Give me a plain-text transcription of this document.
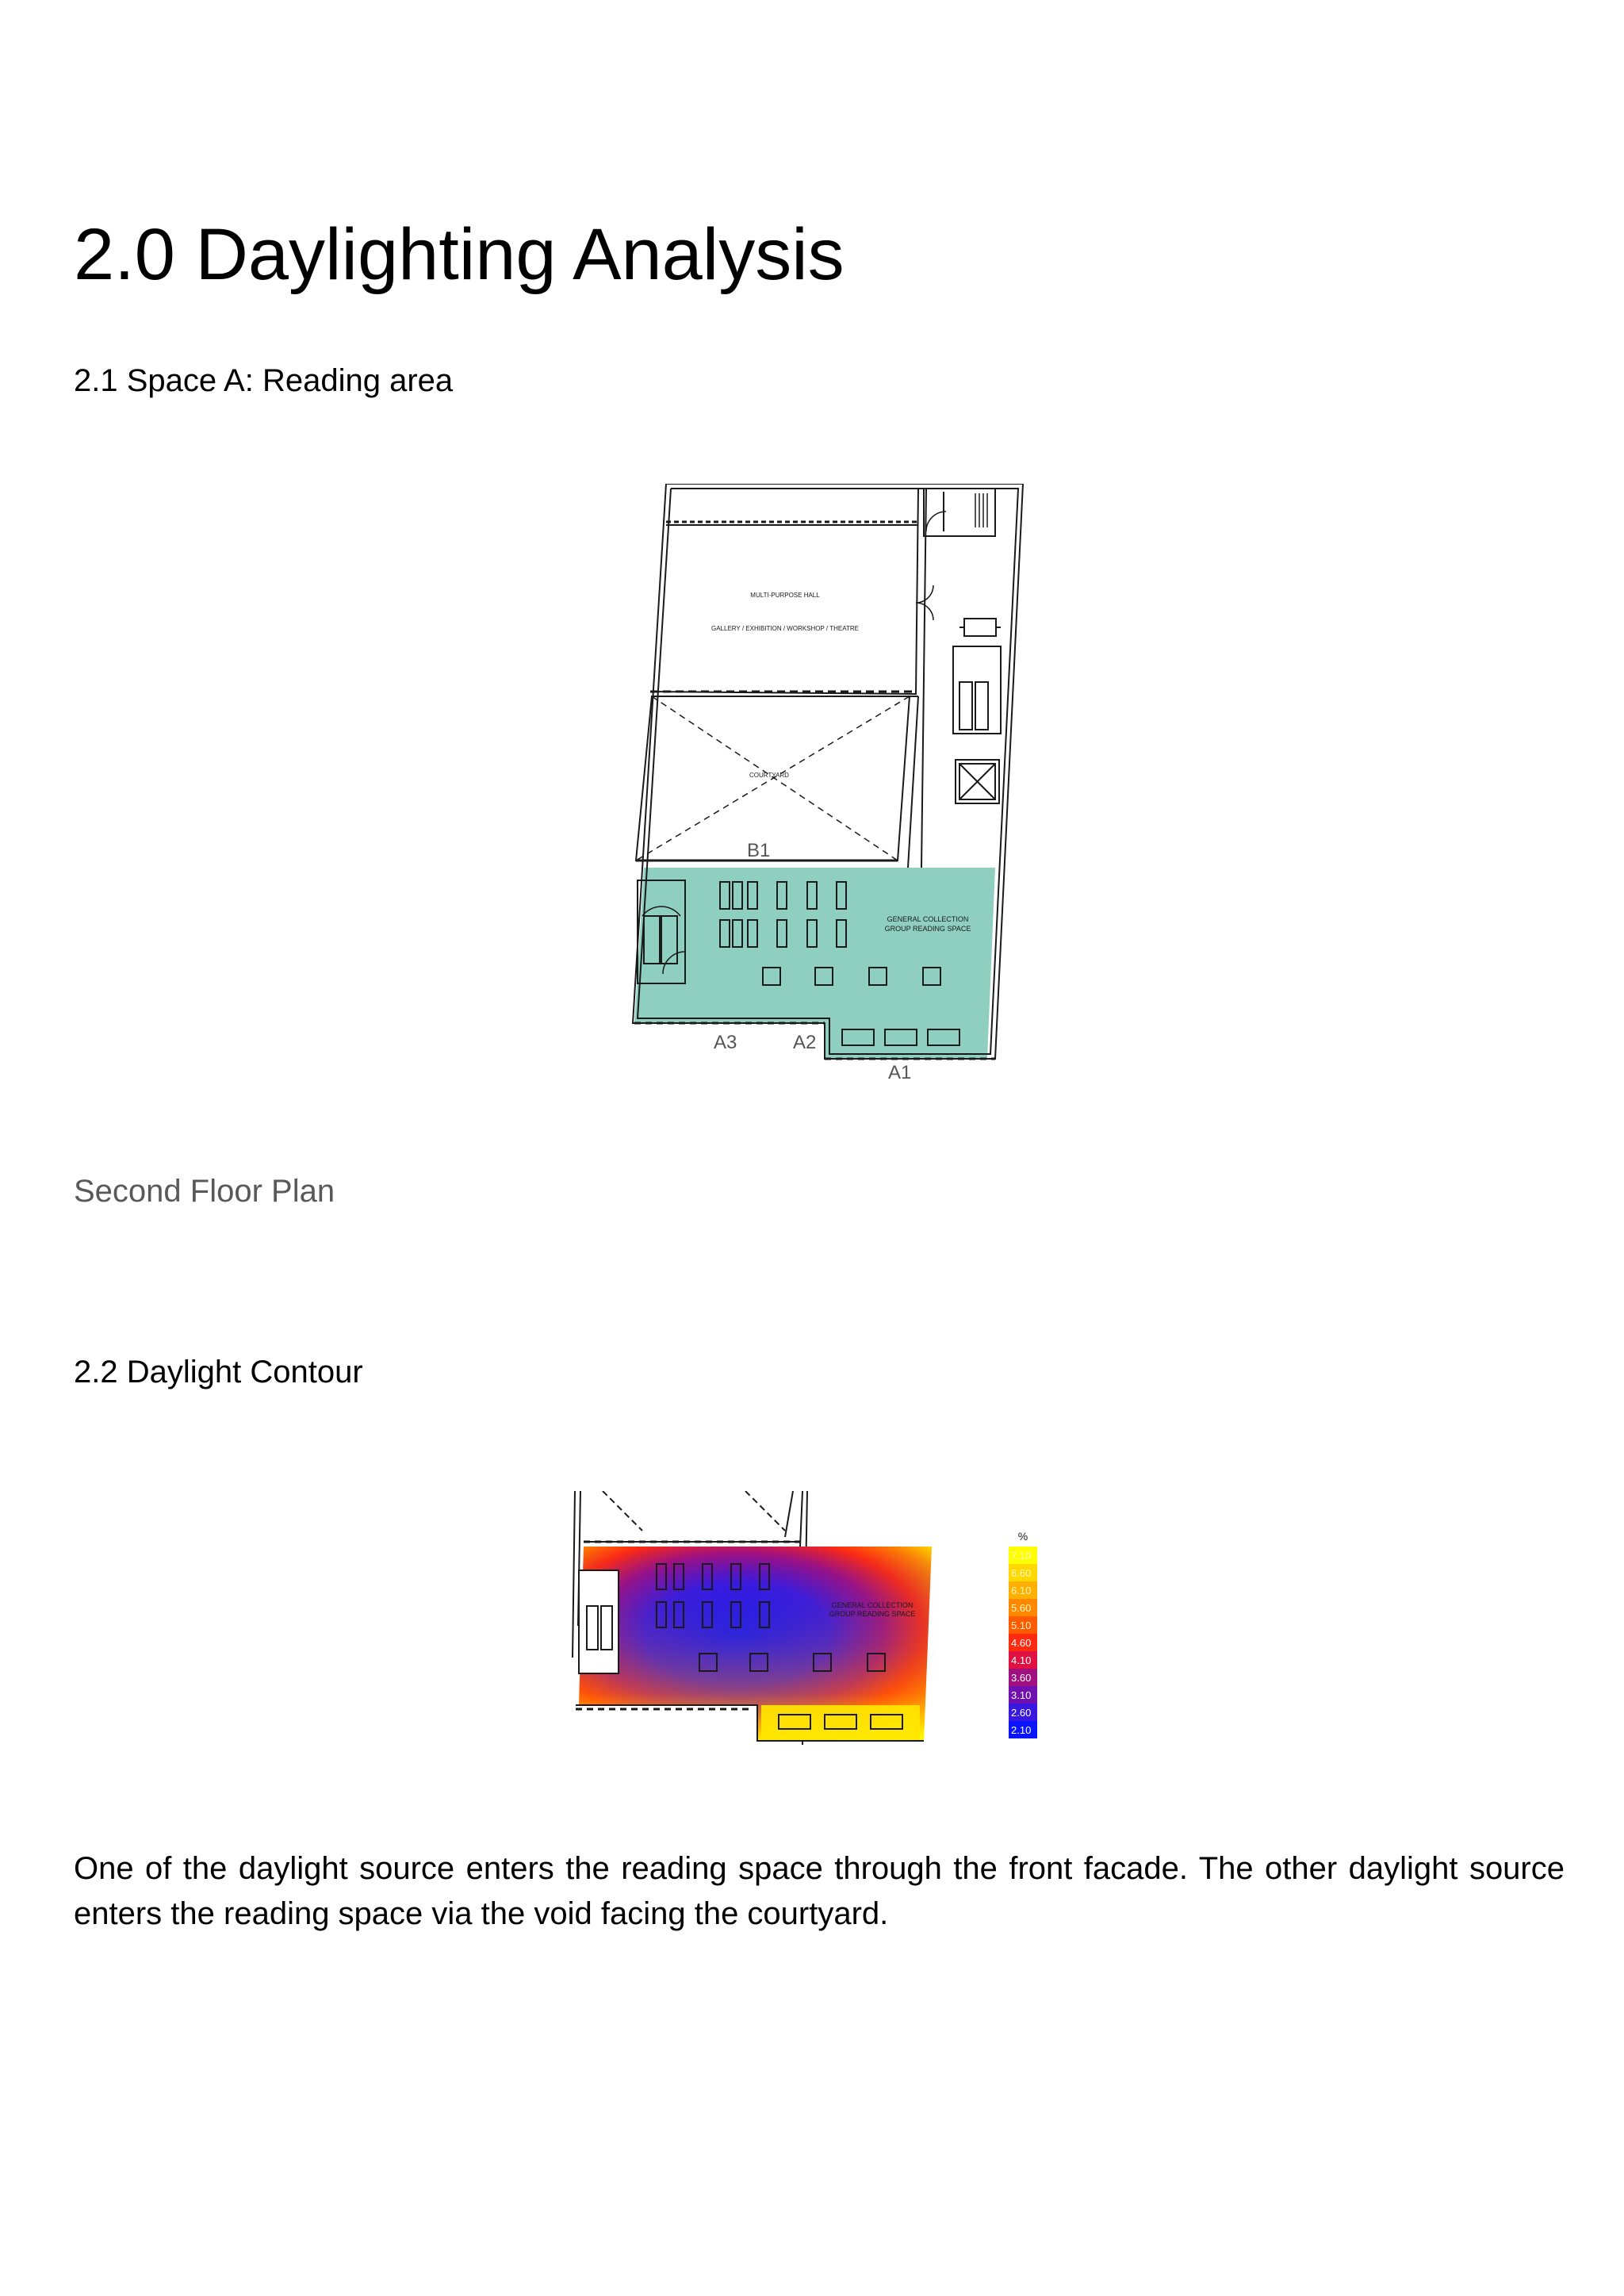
2.0 Daylighting Analysis
2.1 Space A: Reading area
MULTI-PURPOSE HALL
GALLERY / EXHIBITION / WORKSHOP / THEATRE
COURTYARD
GENERAL COLLECTION
GROUP READING SPACE
B1
A1
A2
A3
Second Floor Plan
2.2 Daylight Contour
GENERAL COLLECTION
GROUP READING SPACE
%
7.10
6.60
6.10
5.60
5.10
4.60
4.10
3.60
3.10
2.60
2.10
One of the daylight source enters the reading space through the front facade. The other daylight source enters the reading space via the void facing the courtyard.
